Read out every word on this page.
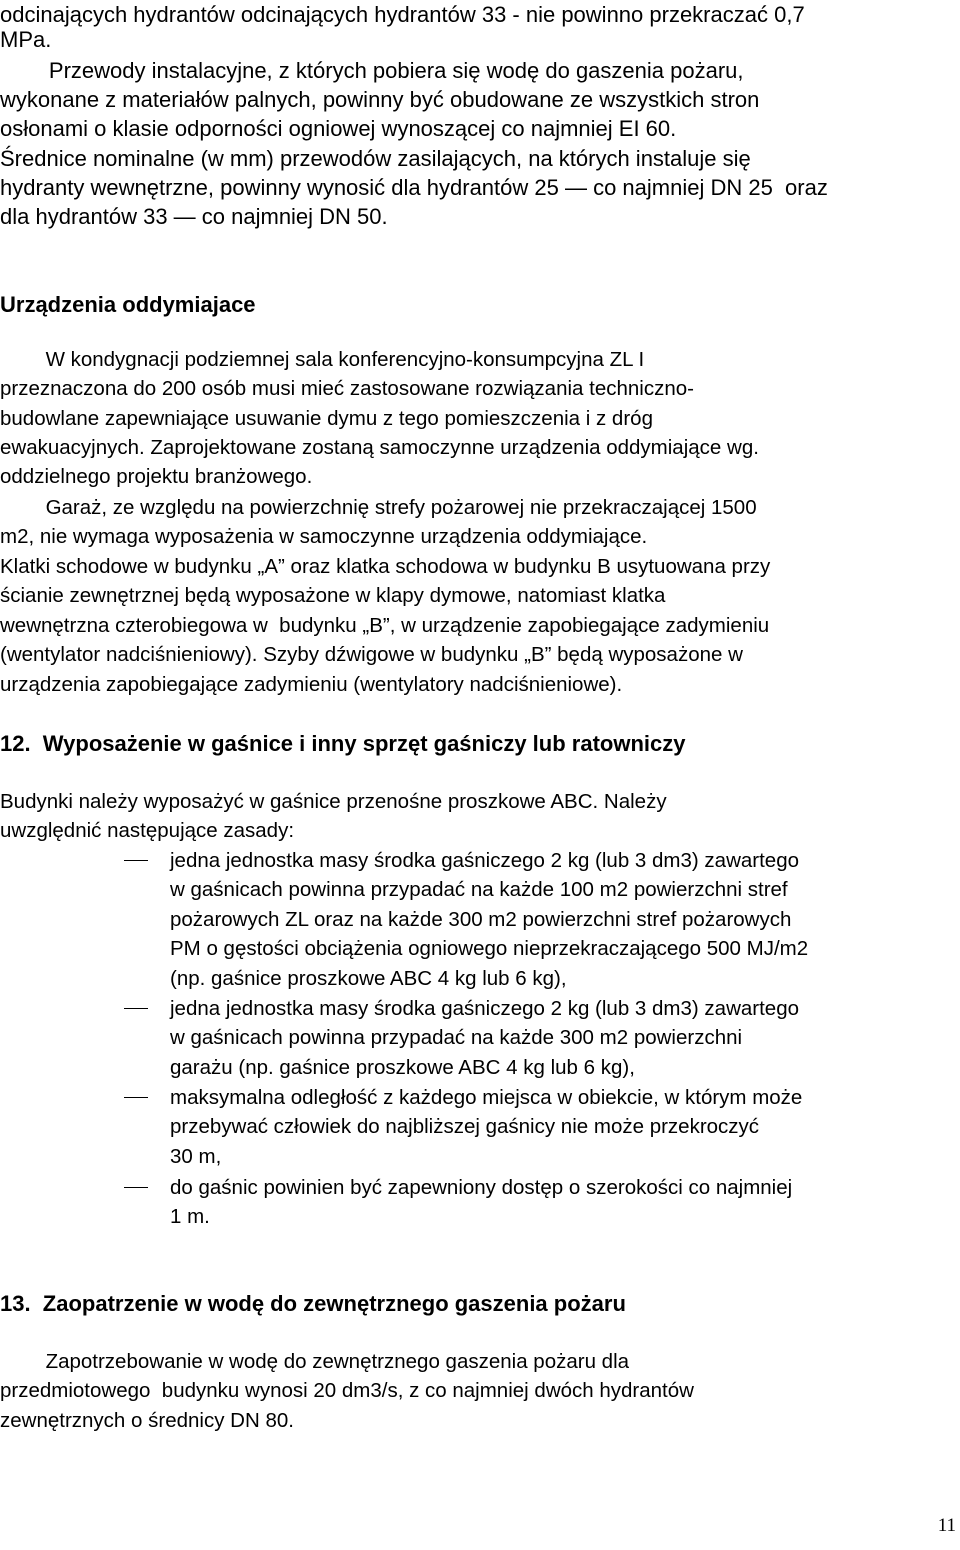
odcinających hydrantów odcinających hydrantów 33 - nie powinno przekraczać 0,7

MPa.

Przewody instalacyjne, z których pobiera się wodę do gaszenia pożaru,

wykonane z materiałów palnych, powinny być obudowane ze wszystkich stron

osłonami o klasie odporności ogniowej wynoszącej co najmniej EI 60.

Średnice nominalne (w mm) przewodów zasilających, na których instaluje się

hydranty wewnętrzne, powinny wynosić dla hydrantów 25 — co najmniej DN 25  oraz

dla hydrantów 33 — co najmniej DN 50.

Urządzenia oddymiajace

W kondygnacji podziemnej sala konferencyjno-konsumpcyjna ZL I

przeznaczona do 200 osób musi mieć zastosowane rozwiązania techniczno-

budowlane zapewniające usuwanie dymu z tego pomieszczenia i z dróg

ewakuacyjnych. Zaprojektowane zostaną samoczynne urządzenia oddymiające wg.

oddzielnego projektu branżowego.

Garaż, ze względu na powierzchnię strefy pożarowej nie przekraczającej 1500

m2, nie wymaga wyposażenia w samoczynne urządzenia oddymiające.

Klatki schodowe w budynku „A” oraz klatka schodowa w budynku B usytuowana przy

ścianie zewnętrznej będą wyposażone w klapy dymowe, natomiast klatka

wewnętrzna czterobiegowa w  budynku „B”, w urządzenie zapobiegające zadymieniu

(wentylator nadciśnieniowy). Szyby dźwigowe w budynku „B” będą wyposażone w

urządzenia zapobiegające zadymieniu (wentylatory nadciśnieniowe).

12.  Wyposażenie w gaśnice i inny sprzęt gaśniczy lub ratowniczy

Budynki należy wyposażyć w gaśnice przenośne proszkowe ABC. Należy

uwzględnić następujące zasady:

jedna jednostka masy środka gaśniczego 2 kg (lub 3 dm3) zawartego

w gaśnicach powinna przypadać na każde 100 m2 powierzchni stref

pożarowych ZL oraz na każde 300 m2 powierzchni stref pożarowych

PM o gęstości obciążenia ogniowego nieprzekraczającego 500 MJ/m2

(np. gaśnice proszkowe ABC 4 kg lub 6 kg),

jedna jednostka masy środka gaśniczego 2 kg (lub 3 dm3) zawartego

w gaśnicach powinna przypadać na każde 300 m2 powierzchni

garażu (np. gaśnice proszkowe ABC 4 kg lub 6 kg),

maksymalna odległość z każdego miejsca w obiekcie, w którym może

przebywać człowiek do najbliższej gaśnicy nie może przekroczyć

30 m,

do gaśnic powinien być zapewniony dostęp o szerokości co najmniej

1 m.

13.  Zaopatrzenie w wodę do zewnętrznego gaszenia pożaru

Zapotrzebowanie w wodę do zewnętrznego gaszenia pożaru dla

przedmiotowego  budynku wynosi 20 dm3/s, z co najmniej dwóch hydrantów

zewnętrznych o średnicy DN 80.

11
